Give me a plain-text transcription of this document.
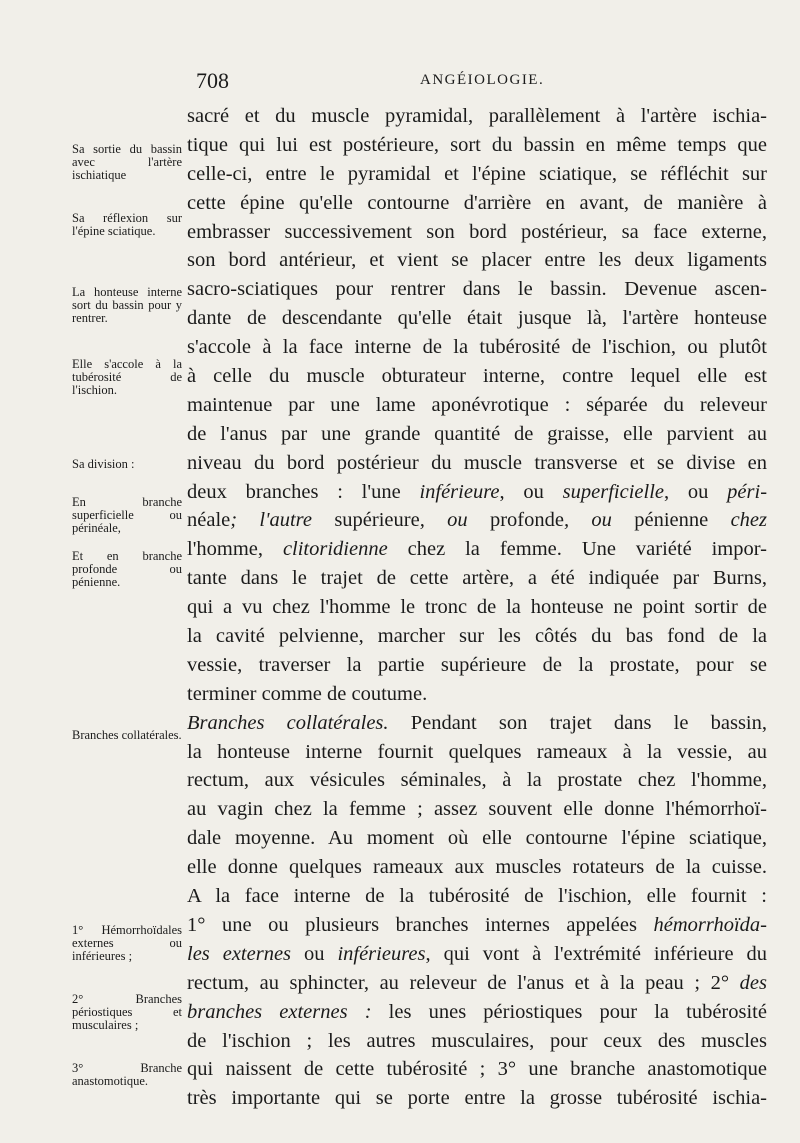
708	ANGÉIOLOGIE.
Sa sortie du bassin avec l'artère ischiatique
Sa réflexion sur l'épine sciatique.
La honteuse interne sort du bassin pour y rentrer.
Elle s'accole à la tubérosité de l'ischion.
Sa division :
En branche superficielle ou périnéale,
Et en branche profonde ou pénienne.
Branches collatérales.
1° Hémorrhoïdales externes ou inférieures ;
2° Branches périostiques et musculaires ;
3° Branche anastomotique.

sacré et du muscle pyramidal, parallèlement à l'artère ischia-

tique qui lui est postérieure, sort du bassin en même temps que

celle-ci, entre le pyramidal et l'épine sciatique, se réfléchit sur

cette épine qu'elle contourne d'arrière en avant, de manière à

embrasser successivement son bord postérieur, sa face externe,

son bord antérieur, et vient se placer entre les deux ligaments

sacro-sciatiques pour rentrer dans le bassin. Devenue ascen-

dante de descendante qu'elle était jusque là, l'artère honteuse

s'accole à la face interne de la tubérosité de l'ischion, ou plutôt

à celle du muscle obturateur interne, contre lequel elle est

maintenue par une lame aponévrotique : séparée du releveur

de l'anus par une grande quantité de graisse, elle parvient au

niveau du bord postérieur du muscle transverse et se divise en

deux branches : l'une inférieure, ou superficielle, ou péri-

néale; l'autre supérieure, ou profonde, ou pénienne chez

l'homme, clitoridienne chez la femme. Une variété impor-

tante dans le trajet de cette artère, a été indiquée par Burns,

qui a vu chez l'homme le tronc de la honteuse ne point sortir de

la cavité pelvienne, marcher sur les côtés du bas fond de la

vessie, traverser la partie supérieure de la prostate, pour se

terminer comme de coutume.

Branches collatérales. Pendant son trajet dans le bassin,

la honteuse interne fournit quelques rameaux à la vessie, au

rectum, aux vésicules séminales, à la prostate chez l'homme,

au vagin chez la femme ; assez souvent elle donne l'hémorrhoï-

dale moyenne. Au moment où elle contourne l'épine sciatique,

elle donne quelques rameaux aux muscles rotateurs de la cuisse.

A la face interne de la tubérosité de l'ischion, elle fournit :

1° une ou plusieurs branches internes appelées hémorrhoïda-

les externes ou inférieures, qui vont à l'extrémité inférieure du

rectum, au sphincter, au releveur de l'anus et à la peau ; 2° des

branches externes : les unes périostiques pour la tubérosité

de l'ischion ; les autres musculaires, pour ceux des muscles

qui naissent de cette tubérosité ; 3° une branche anastomotique

très importante qui se porte entre la grosse tubérosité ischia-
